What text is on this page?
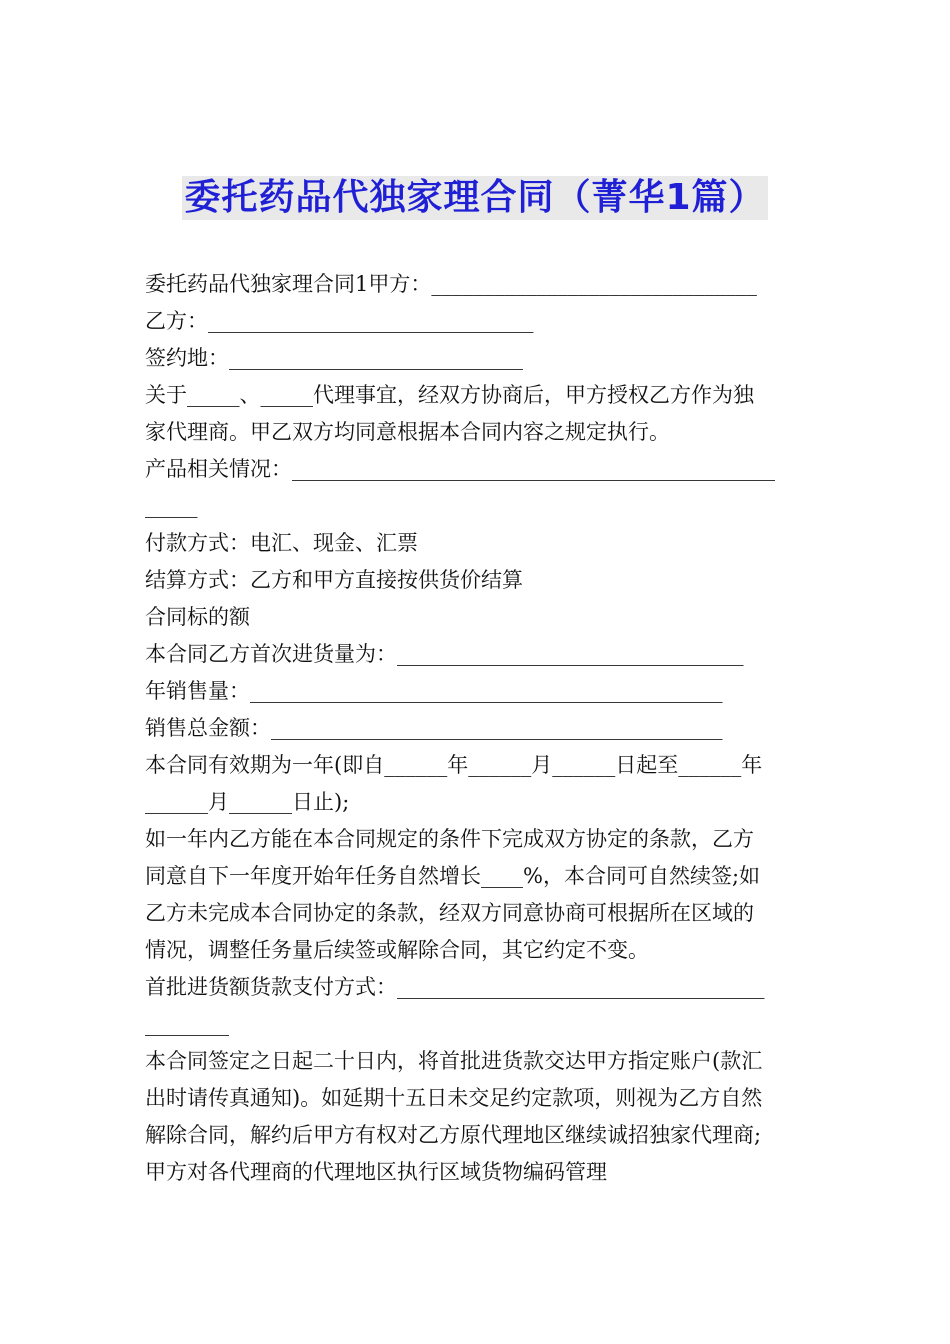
委托药品代独家理合同（菁华1篇）
委托药品代独家理合同1甲方：_______________________________
乙方：_______________________________
签约地：____________________________
关于_____、_____代理事宜，经双方协商后，甲方授权乙方作为独
家代理商。甲乙双方均同意根据本合同内容之规定执行。
产品相关情况：______________________________________________
_____
付款方式：电汇、现金、汇票
结算方式：乙方和甲方直接按供货价结算
合同标的额
本合同乙方首次进货量为：_________________________________
年销售量：_____________________________________________
销售总金额：___________________________________________
本合同有效期为一年(即自______年______月______日起至______年
______月______日止);
如一年内乙方能在本合同规定的条件下完成双方协定的条款，乙方
同意自下一年度开始年任务自然增长____%，本合同可自然续签;如
乙方未完成本合同协定的条款，经双方同意协商可根据所在区域的
情况，调整任务量后续签或解除合同，其它约定不变。
首批进货额货款支付方式：___________________________________
________
本合同签定之日起二十日内，将首批进货款交达甲方指定账户(款汇
出时请传真通知)。如延期十五日未交足约定款项，则视为乙方自然
解除合同，解约后甲方有权对乙方原代理地区继续诚招独家代理商;
甲方对各代理商的代理地区执行区域货物编码管理
